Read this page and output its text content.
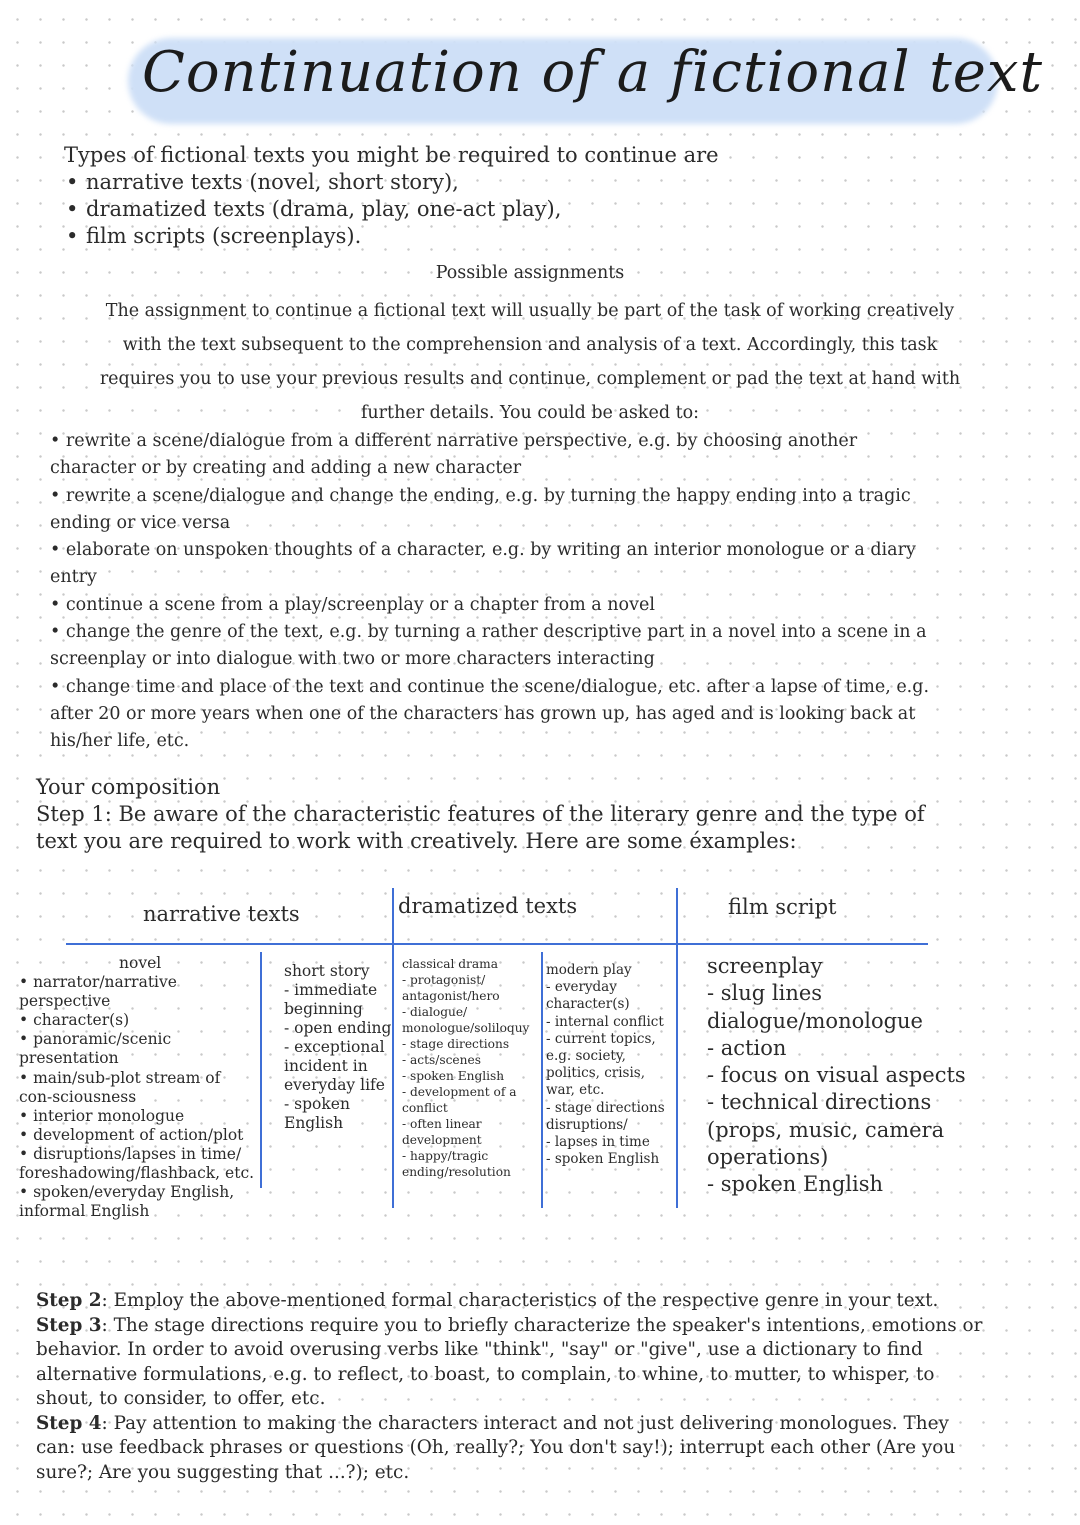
Continuation of a fictional text
Types of fictional texts you might be required to continue are
• narrative texts (novel, short story),
• dramatized texts (drama, play, one-act play),
• film scripts (screenplays).
Possible assignments
The assignment to continue a fictional text will usually be part of the task of working creatively
with the text subsequent to the comprehension and analysis of a text. Accordingly, this task
requires you to use your previous results and continue, complement or pad the text at hand with
further details. You could be asked to:

• rewrite a scene/dialogue from a different narrative perspective, e.g. by choosing another

character or by creating and adding a new character

• rewrite a scene/dialogue and change the ending, e.g. by turning the happy ending into a tragic

ending or vice versa

• elaborate on unspoken thoughts of a character, e.g. by writing an interior monologue or a diary

entry

• continue a scene from a play/screenplay or a chapter from a novel

• change the genre of the text, e.g. by turning a rather descriptive part in a novel into a scene in a

screenplay or into dialogue with two or more characters interacting

• change time and place of the text and continue the scene/dialogue, etc. after a lapse of time, e.g.

after 20 or more years when one of the characters has grown up, has aged and is looking back at

his/her life, etc.

Your composition

Step 1: Be aware of the characteristic features of the literary genre and the type of

text you are required to work with creatively. Here are some éxamples:

narrative texts	dramatized texts	film script

novel

• narrator/narrative

perspective

• character(s)

• panoramic/scenic

presentation

• main/sub-plot stream of

con-sciousness

• interior monologue

• development of action/plot

• disruptions/lapses in time/

foreshadowing/flashback, etc.

• spoken/everyday English,

informal English

short story

- immediate

beginning

- open ending

- exceptional

incident in

everyday life

- spoken

English

classical drama

- protagonist/

antagonist/hero

- dialogue/

monologue/soliloquy

- stage directions

- acts/scenes

- spoken English

- development of a

conflict

- often linear

development

- happy/tragic

ending/resolution

modern play

- everyday

character(s)

- internal conflict

- current topics,

e.g. society,

politics, crisis,

war, etc.

- stage directions

disruptions/

- lapses in time

- spoken English

screenplay

- slug lines

dialogue/monologue

- action

- focus on visual aspects

- technical directions

(props, music, camera

operations)

- spoken English

Step 2: Employ the above-mentioned formal characteristics of the respective genre in your text.

Step 3: The stage directions require you to briefly characterize the speaker's intentions, emotions or

behavior. In order to avoid overusing verbs like "think", "say" or "give", use a dictionary to find

alternative formulations, e.g. to reflect, to boast, to complain, to whine, to mutter, to whisper, to

shout, to consider, to offer, etc.

Step 4: Pay attention to making the characters interact and not just delivering monologues. They

can: use feedback phrases or questions (Oh, really?; You don't say!); interrupt each other (Are you

sure?; Are you suggesting that ...?); etc.
